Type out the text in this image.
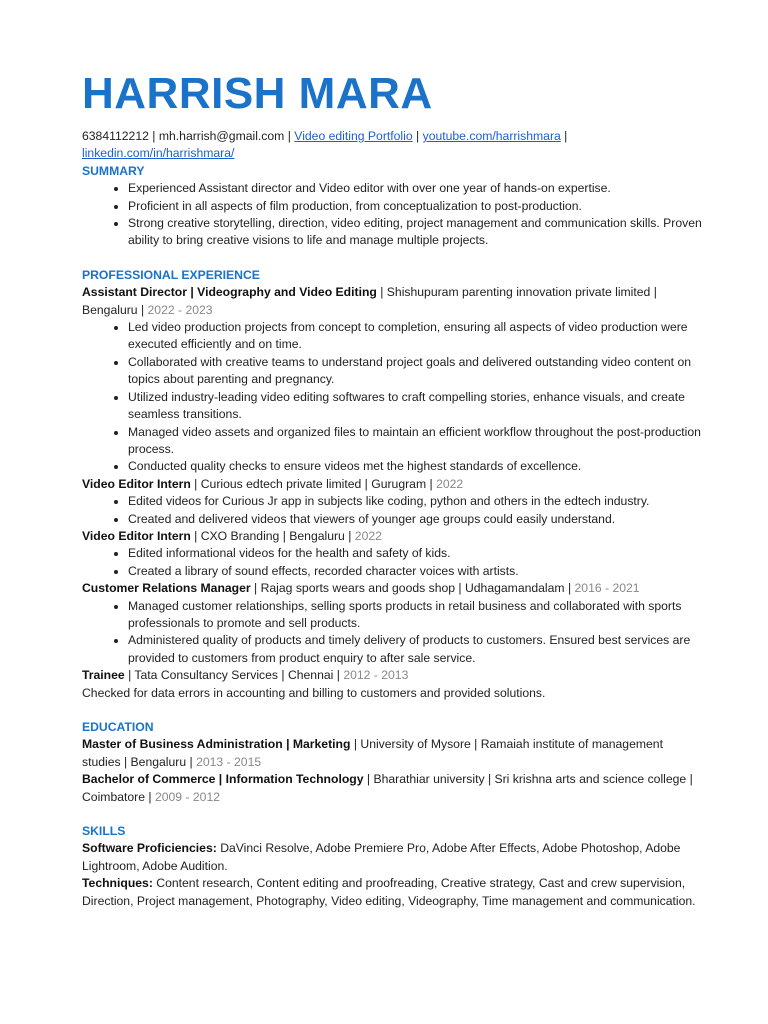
HARRISH MARA

6384112212 | mh.harrish@gmail.com | Video editing Portfolio | youtube.com/harrishmara |
linkedin.com/in/harrishmara/

SUMMARY

• Experienced Assistant director and Video editor with over one year of hands-on expertise.
• Proficient in all aspects of film production, from conceptualization to post-production.
• Strong creative storytelling, direction, video editing, project management and communication skills. Proven ability to bring creative visions to life and manage multiple projects.

PROFESSIONAL EXPERIENCE

Assistant Director | Videography and Video Editing | Shishupuram parenting innovation private limited | Bengaluru | 2022 - 2023

• Led video production projects from concept to completion, ensuring all aspects of video production were executed efficiently and on time.
• Collaborated with creative teams to understand project goals and delivered outstanding video content on topics about parenting and pregnancy.
• Utilized industry-leading video editing softwares to craft compelling stories, enhance visuals, and create seamless transitions.
• Managed video assets and organized files to maintain an efficient workflow throughout the post-production process.
• Conducted quality checks to ensure videos met the highest standards of excellence.

Video Editor Intern | Curious edtech private limited | Gurugram | 2022

• Edited videos for Curious Jr app in subjects like coding, python and others in the edtech industry.
• Created and delivered videos that viewers of younger age groups could easily understand.

Video Editor Intern | CXO Branding | Bengaluru | 2022

• Edited informational videos for the health and safety of kids.
• Created a library of sound effects, recorded character voices with artists.

Customer Relations Manager | Rajag sports wears and goods shop | Udhagamandalam | 2016 - 2021

• Managed customer relationships, selling sports products in retail business and collaborated with sports professionals to promote and sell products.
• Administered quality of products and timely delivery of products to customers. Ensured best services are provided to customers from product enquiry to after sale service.

Trainee | Tata Consultancy Services | Chennai | 2012 - 2013

Checked for data errors in accounting and billing to customers and provided solutions.

EDUCATION

Master of Business Administration | Marketing | University of Mysore | Ramaiah institute of management studies | Bengaluru | 2013 - 2015

Bachelor of Commerce | Information Technology | Bharathiar university | Sri krishna arts and science college | Coimbatore | 2009 - 2012

SKILLS

Software Proficiencies: DaVinci Resolve, Adobe Premiere Pro, Adobe After Effects, Adobe Photoshop, Adobe Lightroom, Adobe Audition.

Techniques: Content research, Content editing and proofreading, Creative strategy, Cast and crew supervision, Direction, Project management, Photography, Video editing, Videography, Time management and communication.
